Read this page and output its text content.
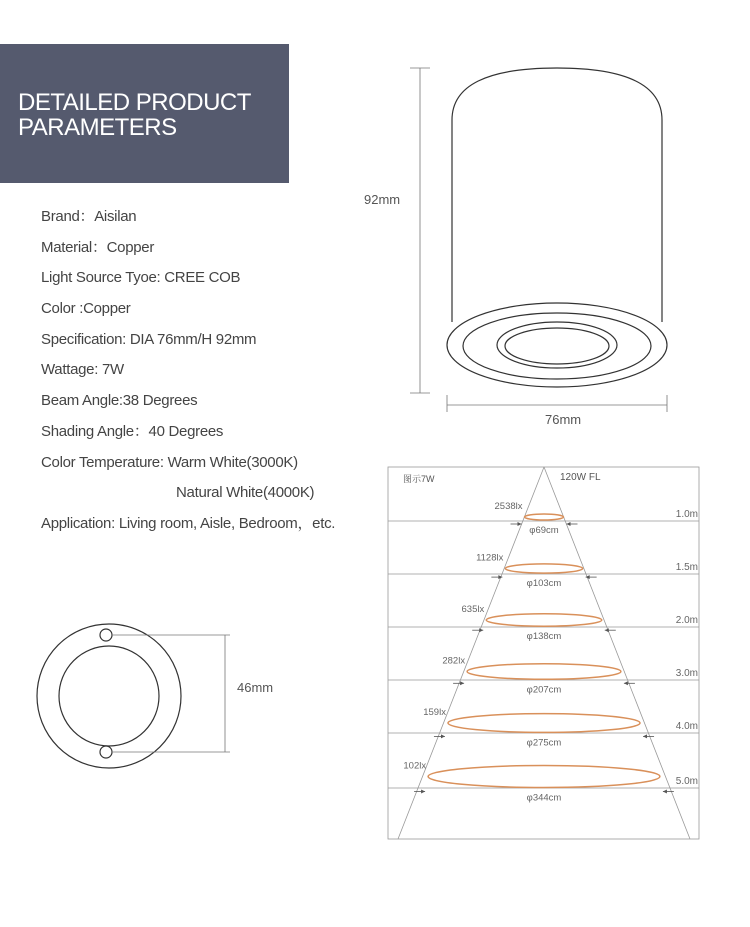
DETAILED PRODUCT
PARAMETERS
Brand：Aisilan
Material：Copper
Light Source Tyoe: CREE COB
Color :Copper
Specification: DIA 76mm/H 92mm
Wattage: 7W
Beam Angle:38 Degrees
Shading Angle：40 Degrees
Color Temperature: Warm White(3000K)
Natural White(4000K)
Application: Living room, Aisle, Bedroom，etc.
1.0m
2538lx
φ69cm
1.5m
1128lx
φ103cm
2.0m
635lx
φ138cm
3.0m
282lx
φ207cm
4.0m
159lx
φ275cm
5.0m
102lx
φ344cm
92mm
76mm
46mm
图示7W	120W FL
